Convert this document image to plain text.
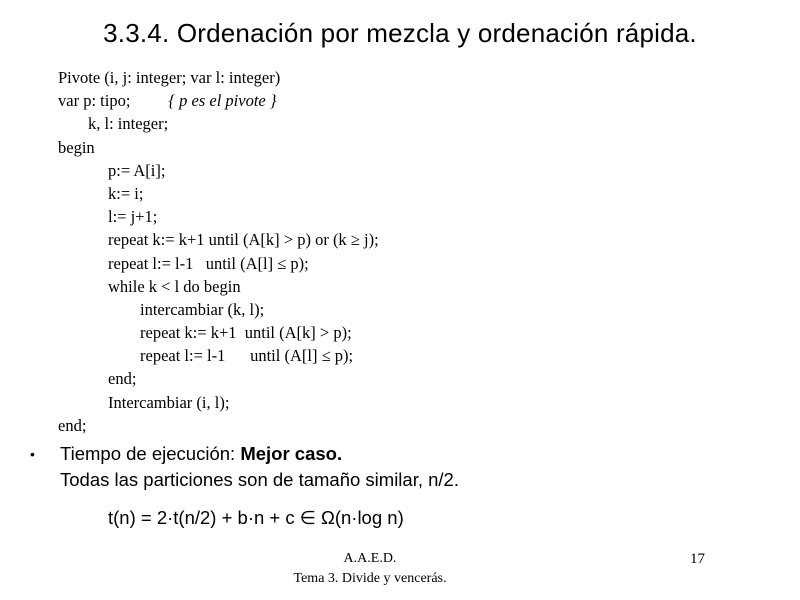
3.3.4. Ordenación por mezcla y ordenación rápida.
Pivote (i, j: integer; var l: integer)
var p: tipo; { p es el pivote }
k, l: integer;
begin
p:= A[i];
k:= i;
l:= j+1;
repeat k:= k+1 until (A[k] > p) or (k ≥ j);
repeat l:= l-1   until (A[l] ≤ p);
while k < l do begin
intercambiar (k, l);
repeat k:= k+1  until (A[k] > p);
repeat l:= l-1      until (A[l] ≤ p);
end;
Intercambiar (i, l);
end;
• Tiempo de ejecución: Mejor caso.
Todas las particiones son de tamaño similar, n/2.
t(n) = 2·t(n/2) + b·n + c ∈ Ω(n·log n)
A.A.E.D.
Tema 3. Divide y vencerás.
17
